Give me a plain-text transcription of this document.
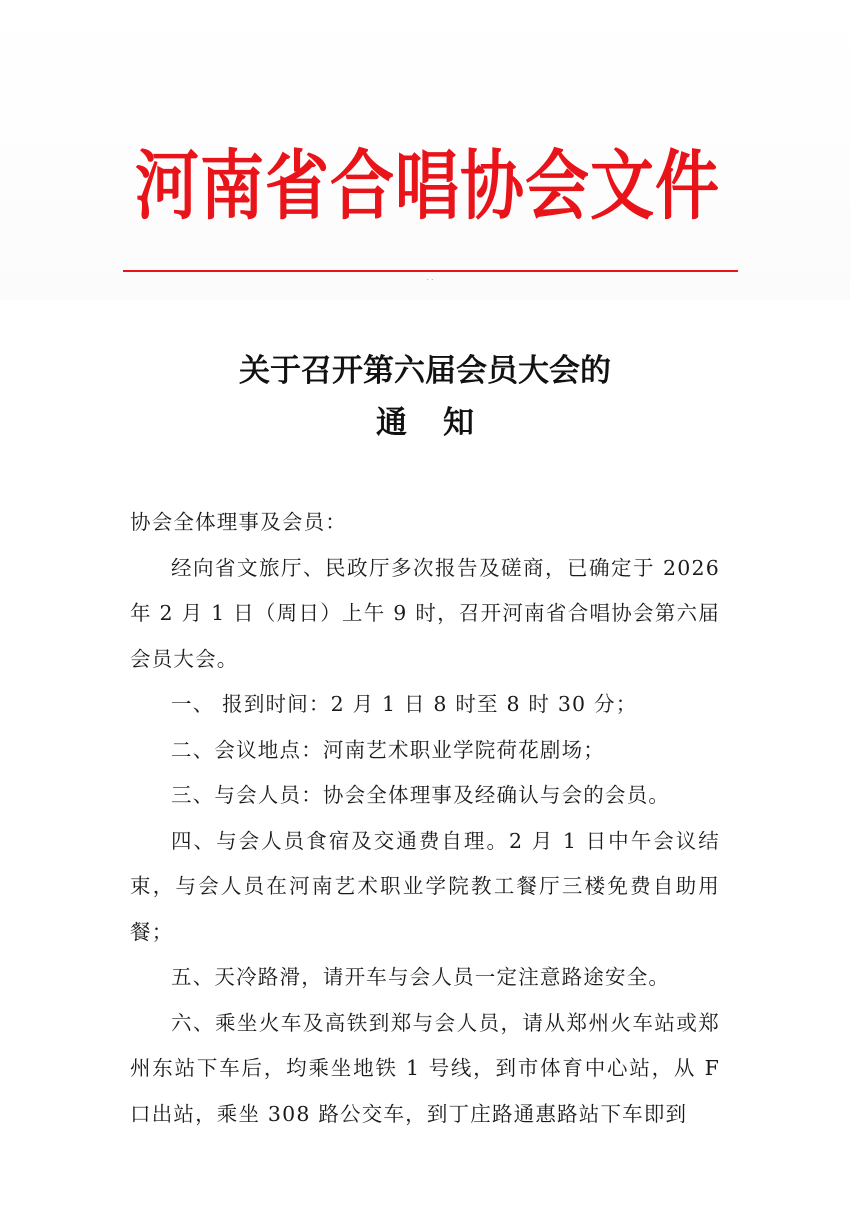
河南省合唱协会文件
· ·
关于召开第六届会员大会的
通知

协会全体理事及会员：

经向省文旅厅、民政厅多次报告及磋商，已确定于 2026 年 2 月 1 日（周日）上午 9 时，召开河南省合唱协会第六届会员大会。

一、 报到时间：2 月 1 日 8 时至 8 时 30 分；

二、会议地点：河南艺术职业学院荷花剧场；

三、与会人员：协会全体理事及经确认与会的会员。

四、与会人员食宿及交通费自理。2 月 1 日中午会议结束，与会人员在河南艺术职业学院教工餐厅三楼免费自助用餐；

五、天冷路滑，请开车与会人员一定注意路途安全。

六、乘坐火车及高铁到郑与会人员，请从郑州火车站或郑州东站下车后，均乘坐地铁 1 号线，到市体育中心站，从 F 口出站，乘坐 308 路公交车，到丁庄路通惠路站下车即到
